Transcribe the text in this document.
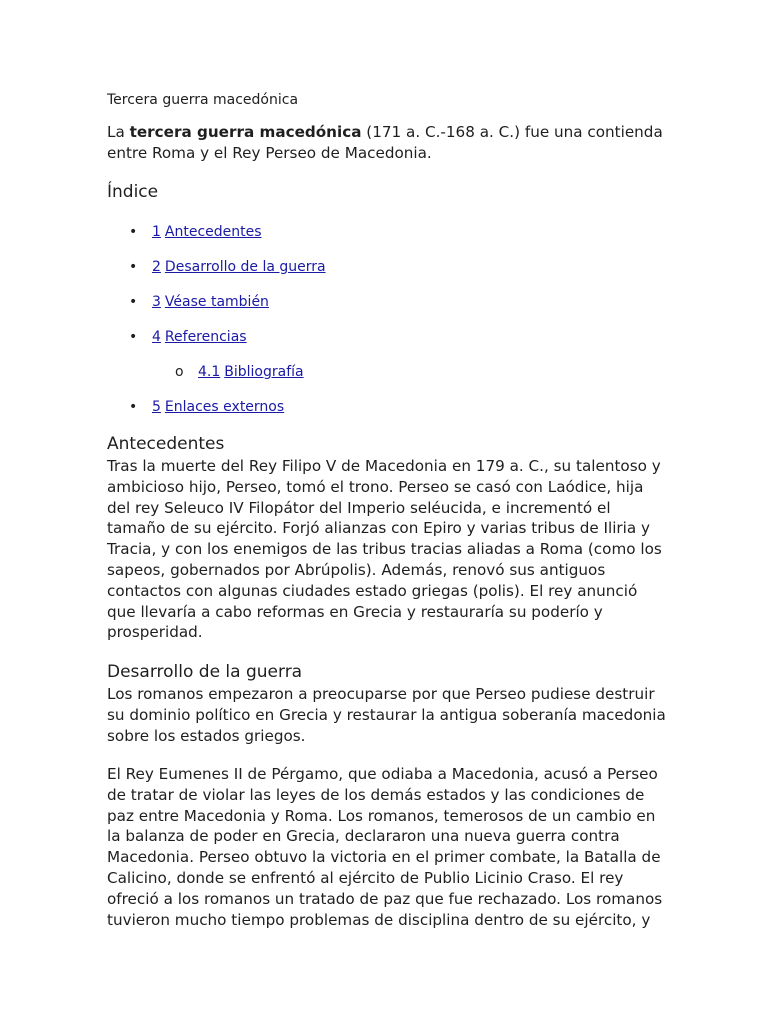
Tercera guerra macedónica

La tercera guerra macedónica (171 a. C.-168 a. C.) fue una contienda entre Roma y el Rey Perseo de Macedonia.

Índice
• 1 Antecedentes
• 2 Desarrollo de la guerra
• 3 Véase también
• 4 Referencias
o 4.1 Bibliografía
• 5 Enlaces externos
Antecedentes

Tras la muerte del Rey Filipo V de Macedonia en 179 a. C., su talentoso y ambicioso hijo, Perseo, tomó el trono. Perseo se casó con Laódice, hija del rey Seleuco IV Filopátor del Imperio seléucida, e incrementó el tamaño de su ejército. Forjó alianzas con Epiro y varias tribus de Iliria y Tracia, y con los enemigos de las tribus tracias aliadas a Roma (como los sapeos, gobernados por Abrúpolis). Además, renovó sus antiguos contactos con algunas ciudades estado griegas (polis). El rey anunció que llevaría a cabo reformas en Grecia y restauraría su poderío y prosperidad.

Desarrollo de la guerra

Los romanos empezaron a preocuparse por que Perseo pudiese destruir su dominio político en Grecia y restaurar la antigua soberanía macedonia sobre los estados griegos.

El Rey Eumenes II de Pérgamo, que odiaba a Macedonia, acusó a Perseo de tratar de violar las leyes de los demás estados y las condiciones de paz entre Macedonia y Roma. Los romanos, temerosos de un cambio en la balanza de poder en Grecia, declararon una nueva guerra contra Macedonia. Perseo obtuvo la victoria en el primer combate, la Batalla de Calicino, donde se enfrentó al ejército de Publio Licinio Craso. El rey ofreció a los romanos un tratado de paz que fue rechazado. Los romanos tuvieron mucho tiempo problemas de disciplina dentro de su ejército, y
